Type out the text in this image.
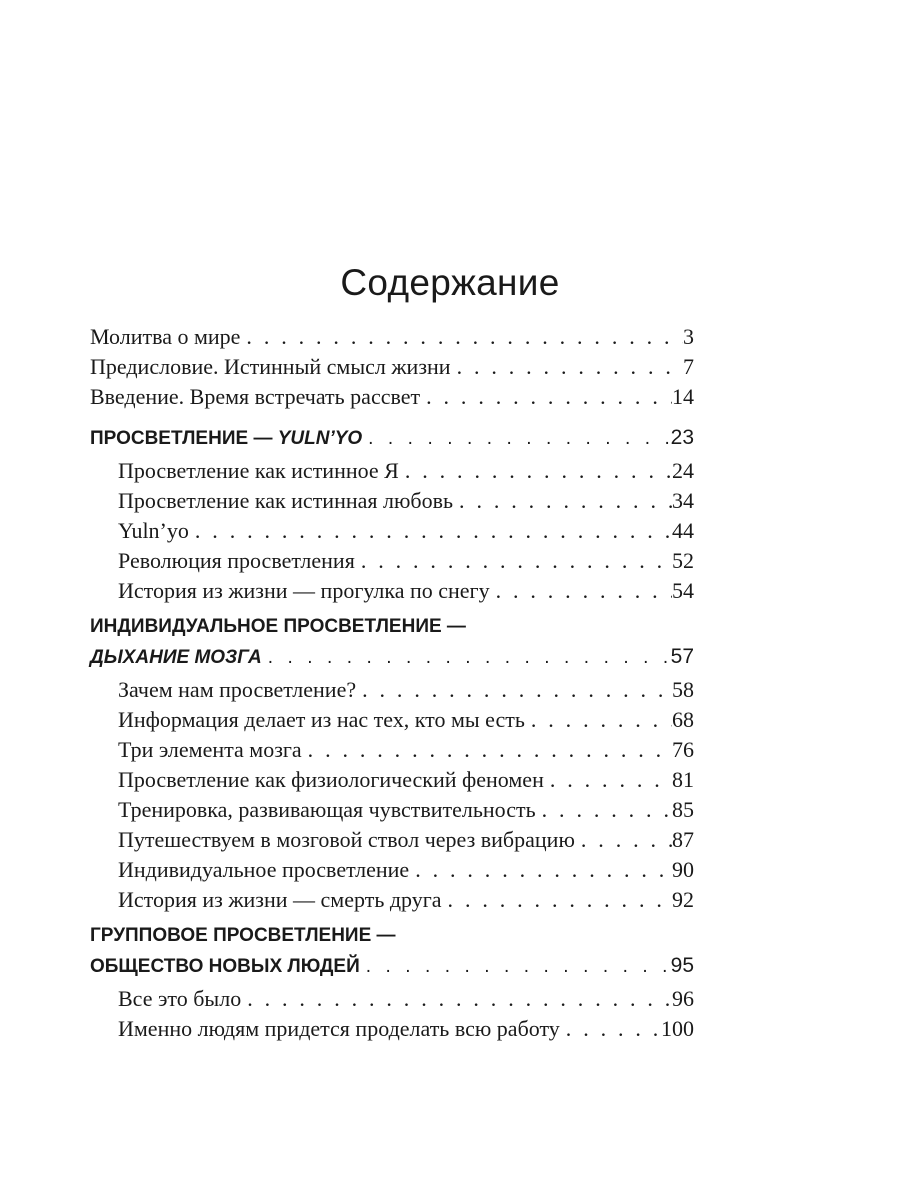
Содержание
Молитва о мире . . .	3
Предисловие. Истинный смысл жизни . . .	7
Введение. Время встречать рассвет . . .	14
ПРОСВЕТЛЕНИЕ — YULN’YO . . .	23
Просветление как истинное Я . . .	24
Просветление как истинная любовь . . .	34
Yuln’yo . . .	44
Революция просветления . . .	52
История из жизни — прогулка по снегу . . .	54
ИНДИВИДУАЛЬНОЕ ПРОСВЕТЛЕНИЕ —
ДЫХАНИЕ МОЗГА . . .	57
Зачем нам просветление? . . .	58
Информация делает из нас тех, кто мы есть . . .	68
Три элемента мозга . . .	76
Просветление как физиологический феномен . . .	81
Тренировка, развивающая чувствительность . . .	85
Путешествуем в мозговой ствол через вибрацию . . .	87
Индивидуальное просветление . . .	90
История из жизни — смерть друга . . .	92
ГРУППОВОЕ ПРОСВЕТЛЕНИЕ —
ОБЩЕСТВО НОВЫХ ЛЮДЕЙ . . .	95
Все это было . . .	96
Именно людям придется проделать всю работу . . .	100
